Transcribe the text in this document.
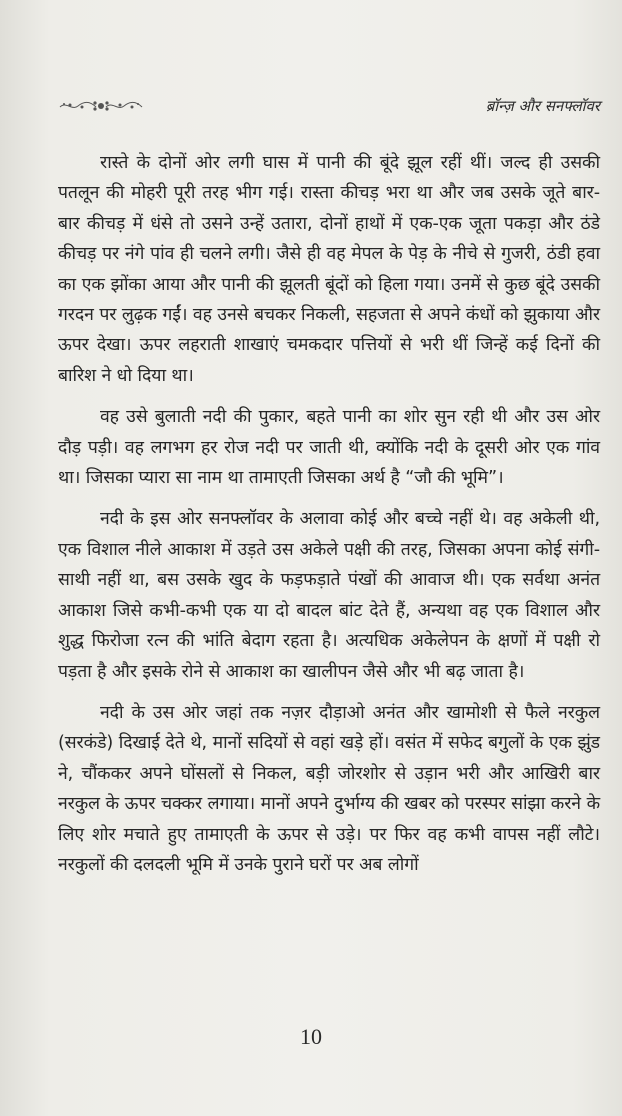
ब्रॉन्ज़ और सनफ्लॉवर

रास्ते के दोनों ओर लगी घास में पानी की बूंदे झूल रहीं थीं। जल्द ही उसकी पतलून की मोहरी पूरी तरह भीग गई। रास्ता कीचड़ भरा था और जब उसके जूते बार-बार कीचड़ में धंसे तो उसने उन्हें उतारा, दोनों हाथों में एक-एक जूता पकड़ा और ठंडे कीचड़ पर नंगे पांव ही चलने लगी। जैसे ही वह मेपल के पेड़ के नीचे से गुजरी, ठंडी हवा का एक झोंका आया और पानी की झूलती बूंदों को हिला गया। उनमें से कुछ बूंदे उसकी गरदन पर लुढ़क गईं। वह उनसे बचकर निकली, सहजता से अपने कंधों को झुकाया और ऊपर देखा। ऊपर लहराती शाखाएं चमकदार पत्तियों से भरी थीं जिन्हें कई दिनों की बारिश ने धो दिया था।

वह उसे बुलाती नदी की पुकार, बहते पानी का शोर सुन रही थी और उस ओर दौड़ पड़ी। वह लगभग हर रोज नदी पर जाती थी, क्योंकि नदी के दूसरी ओर एक गांव था। जिसका प्यारा सा नाम था तामाएती जिसका अर्थ है “जौ की भूमि”।

नदी के इस ओर सनफ्लॉवर के अलावा कोई और बच्चे नहीं थे। वह अकेली थी, एक विशाल नीले आकाश में उड़ते उस अकेले पक्षी की तरह, जिसका अपना कोई संगी-साथी नहीं था, बस उसके खुद के फड़फड़ाते पंखों की आवाज थी। एक सर्वथा अनंत आकाश जिसे कभी-कभी एक या दो बादल बांट देते हैं, अन्यथा वह एक विशाल और शुद्ध फिरोजा रत्न की भांति बेदाग रहता है। अत्यधिक अकेलेपन के क्षणों में पक्षी रो पड़ता है और इसके रोने से आकाश का खालीपन जैसे और भी बढ़ जाता है।

नदी के उस ओर जहां तक नज़र दौड़ाओ अनंत और खामोशी से फैले नरकुल (सरकंडे) दिखाई देते थे, मानों सदियों से वहां खड़े हों। वसंत में सफेद बगुलों के एक झुंड ने, चौंककर अपने घोंसलों से निकल, बड़ी जोरशोर से उड़ान भरी और आखिरी बार नरकुल के ऊपर चक्कर लगाया। मानों अपने दुर्भाग्य की खबर को परस्पर सांझा करने के लिए शोर मचाते हुए तामाएती के ऊपर से उड़े। पर फिर वह कभी वापस नहीं लौटे। नरकुलों की दलदली भूमि में उनके पुराने घरों पर अब लोगों

10
